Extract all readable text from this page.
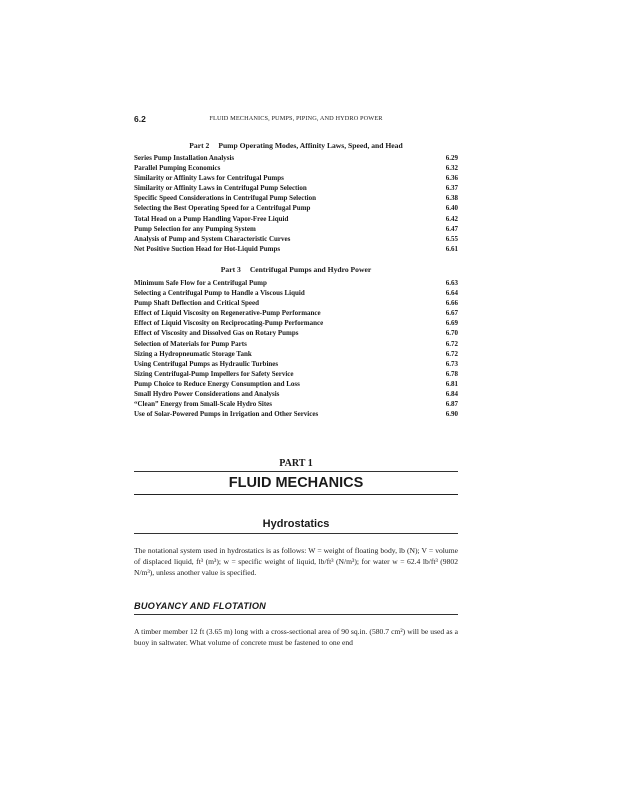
6.2	FLUID MECHANICS, PUMPS, PIPING, AND HYDRO POWER
Part 2 Pump Operating Modes, Affinity Laws, Speed, and Head
Series Pump Installation Analysis	6.29
Parallel Pumping Economics	6.32
Similarity or Affinity Laws for Centrifugal Pumps	6.36
Similarity or Affinity Laws in Centrifugal Pump Selection	6.37
Specific Speed Considerations in Centrifugal Pump Selection	6.38
Selecting the Best Operating Speed for a Centrifugal Pump	6.40
Total Head on a Pump Handling Vapor-Free Liquid	6.42
Pump Selection for any Pumping System	6.47
Analysis of Pump and System Characteristic Curves	6.55
Net Positive Suction Head for Hot-Liquid Pumps	6.61
Part 3 Centrifugal Pumps and Hydro Power
Minimum Safe Flow for a Centrifugal Pump	6.63
Selecting a Centrifugal Pump to Handle a Viscous Liquid	6.64
Pump Shaft Deflection and Critical Speed	6.66
Effect of Liquid Viscosity on Regenerative-Pump Performance	6.67
Effect of Liquid Viscosity on Reciprocating-Pump Performance	6.69
Effect of Viscosity and Dissolved Gas on Rotary Pumps	6.70
Selection of Materials for Pump Parts	6.72
Sizing a Hydropneumatic Storage Tank	6.72
Using Centrifugal Pumps as Hydraulic Turbines	6.73
Sizing Centrifugal-Pump Impellers for Safety Service	6.78
Pump Choice to Reduce Energy Consumption and Loss	6.81
Small Hydro Power Considerations and Analysis	6.84
“Clean” Energy from Small-Scale Hydro Sites	6.87
Use of Solar-Powered Pumps in Irrigation and Other Services	6.90
PART 1
FLUID MECHANICS
Hydrostatics
The notational system used in hydrostatics is as follows: W = weight of floating body, lb (N); V = volume of displaced liquid, ft³ (m³); w = specific weight of liquid, lb/ft³ (N/m³); for water w = 62.4 lb/ft³ (9802 N/m³), unless another value is specified.
BUOYANCY AND FLOTATION
A timber member 12 ft (3.65 m) long with a cross-sectional area of 90 sq.in. (580.7 cm²) will be used as a buoy in saltwater. What volume of concrete must be fastened to one end
